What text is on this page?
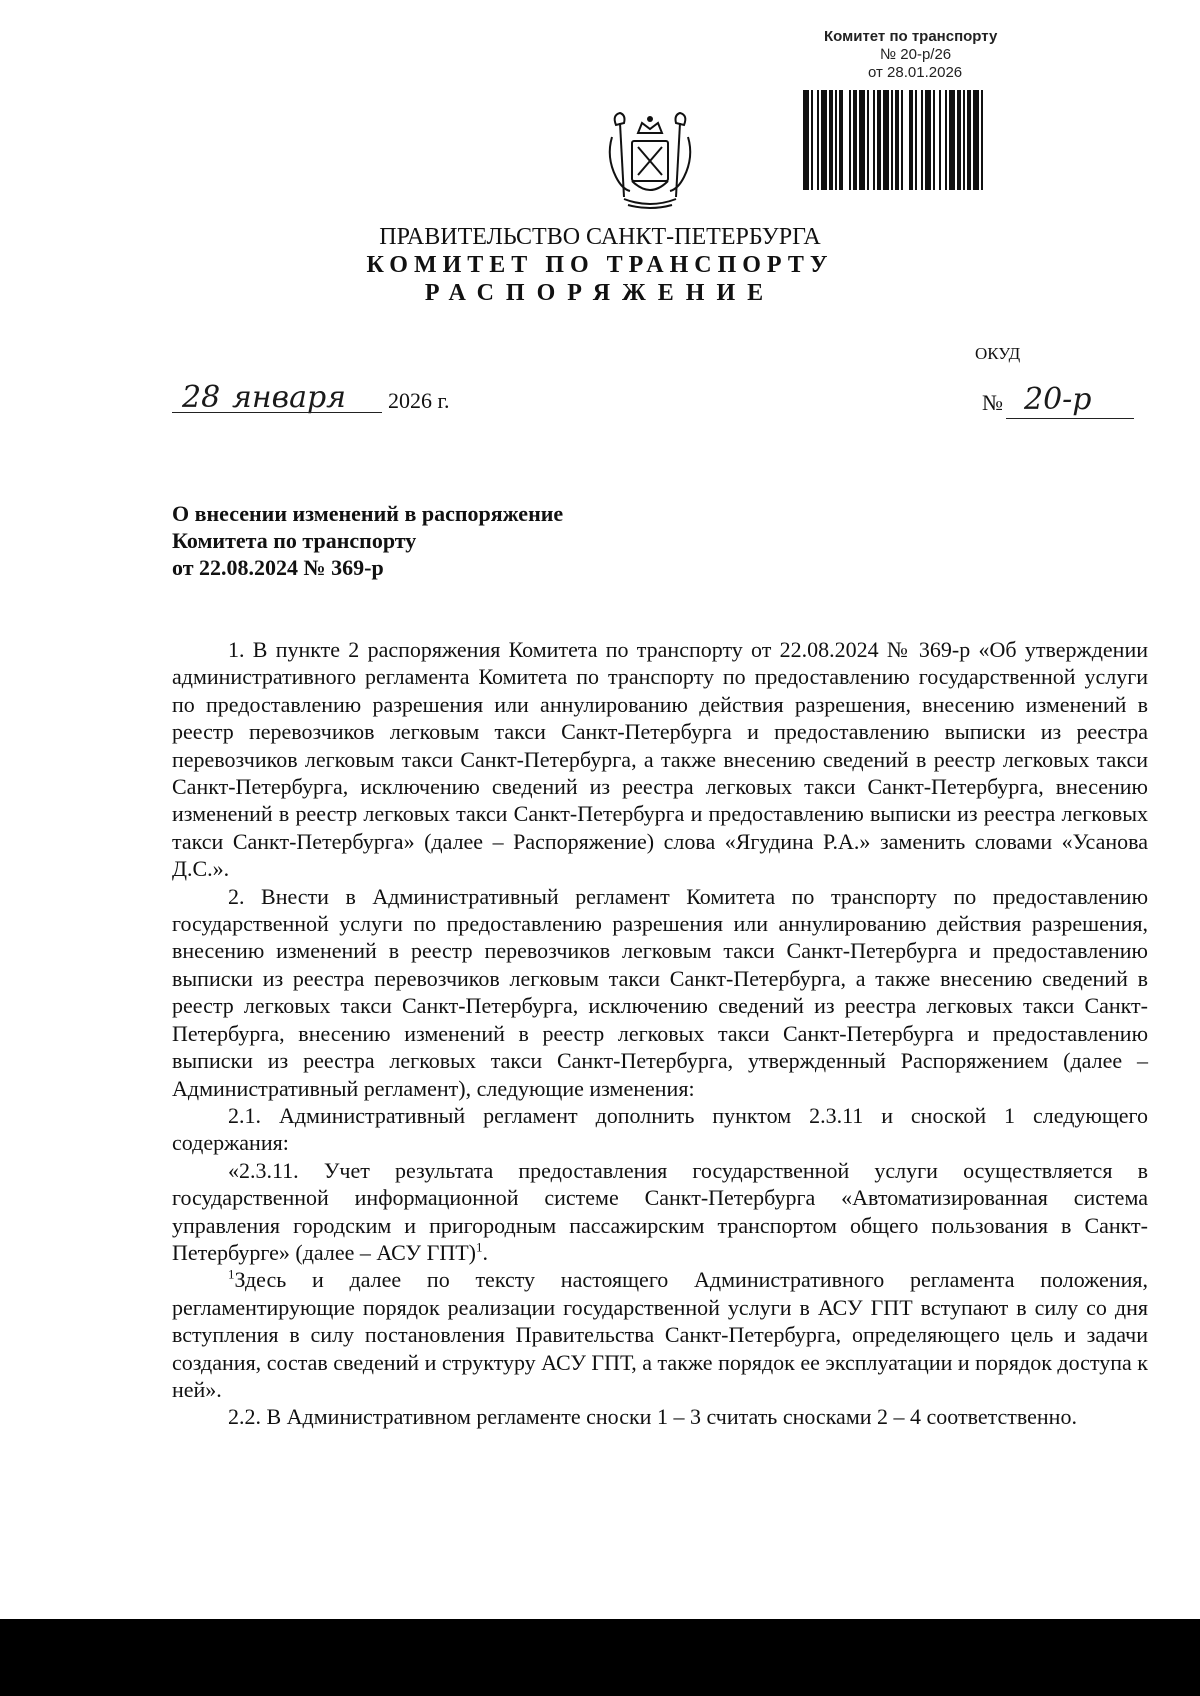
Комитет по транспорту
№ 20-р/26
от 28.01.2026
ПРАВИТЕЛЬСТВО САНКТ-ПЕТЕРБУРГА
КОМИТЕТ ПО ТРАНСПОРТУ
РАСПОРЯЖЕНИЕ
ОКУД
28 января 2026 г.	№ 20-р
О внесении изменений в распоряжение
Комитета по транспорту
от 22.08.2024 № 369-р

1. В пункте 2 распоряжения Комитета по транспорту от 22.08.2024 № 369-р «Об утверждении административного регламента Комитета по транспорту по предоставлению государственной услуги по предоставлению разрешения или аннулированию действия разрешения, внесению изменений в реестр перевозчиков легковым такси Санкт-Петербурга и предоставлению выписки из реестра перевозчиков легковым такси Санкт-Петербурга, а также внесению сведений в реестр легковых такси Санкт-Петербурга, исключению сведений из реестра легковых такси Санкт-Петербурга, внесению изменений в реестр легковых такси Санкт-Петербурга и предоставлению выписки из реестра легковых такси Санкт-Петербурга» (далее – Распоряжение) слова «Ягудина Р.А.» заменить словами «Усанова Д.С.».

2. Внести в Административный регламент Комитета по транспорту по предоставлению государственной услуги по предоставлению разрешения или аннулированию действия разрешения, внесению изменений в реестр перевозчиков легковым такси Санкт-Петербурга и предоставлению выписки из реестра перевозчиков легковым такси Санкт-Петербурга, а также внесению сведений в реестр легковых такси Санкт-Петербурга, исключению сведений из реестра легковых такси Санкт-Петербурга, внесению изменений в реестр легковых такси Санкт-Петербурга и предоставлению выписки из реестра легковых такси Санкт-Петербурга, утвержденный Распоряжением (далее – Административный регламент), следующие изменения:

2.1. Административный регламент дополнить пунктом 2.3.11 и сноской 1 следующего содержания:

«2.3.11. Учет результата предоставления государственной услуги осуществляется в государственной информационной системе Санкт-Петербурга «Автоматизированная система управления городским и пригородным пассажирским транспортом общего пользования в Санкт-Петербурге» (далее – АСУ ГПТ)$^1$.

$^1$Здесь и далее по тексту настоящего Административного регламента положения, регламентирующие порядок реализации государственной услуги в АСУ ГПТ вступают в силу со дня вступления в силу постановления Правительства Санкт-Петербурга, определяющего цель и задачи создания, состав сведений и структуру АСУ ГПТ, а также порядок ее эксплуатации и порядок доступа к ней».

2.2. В Административном регламенте сноски 1 – 3 считать сносками 2 – 4 соответственно.
